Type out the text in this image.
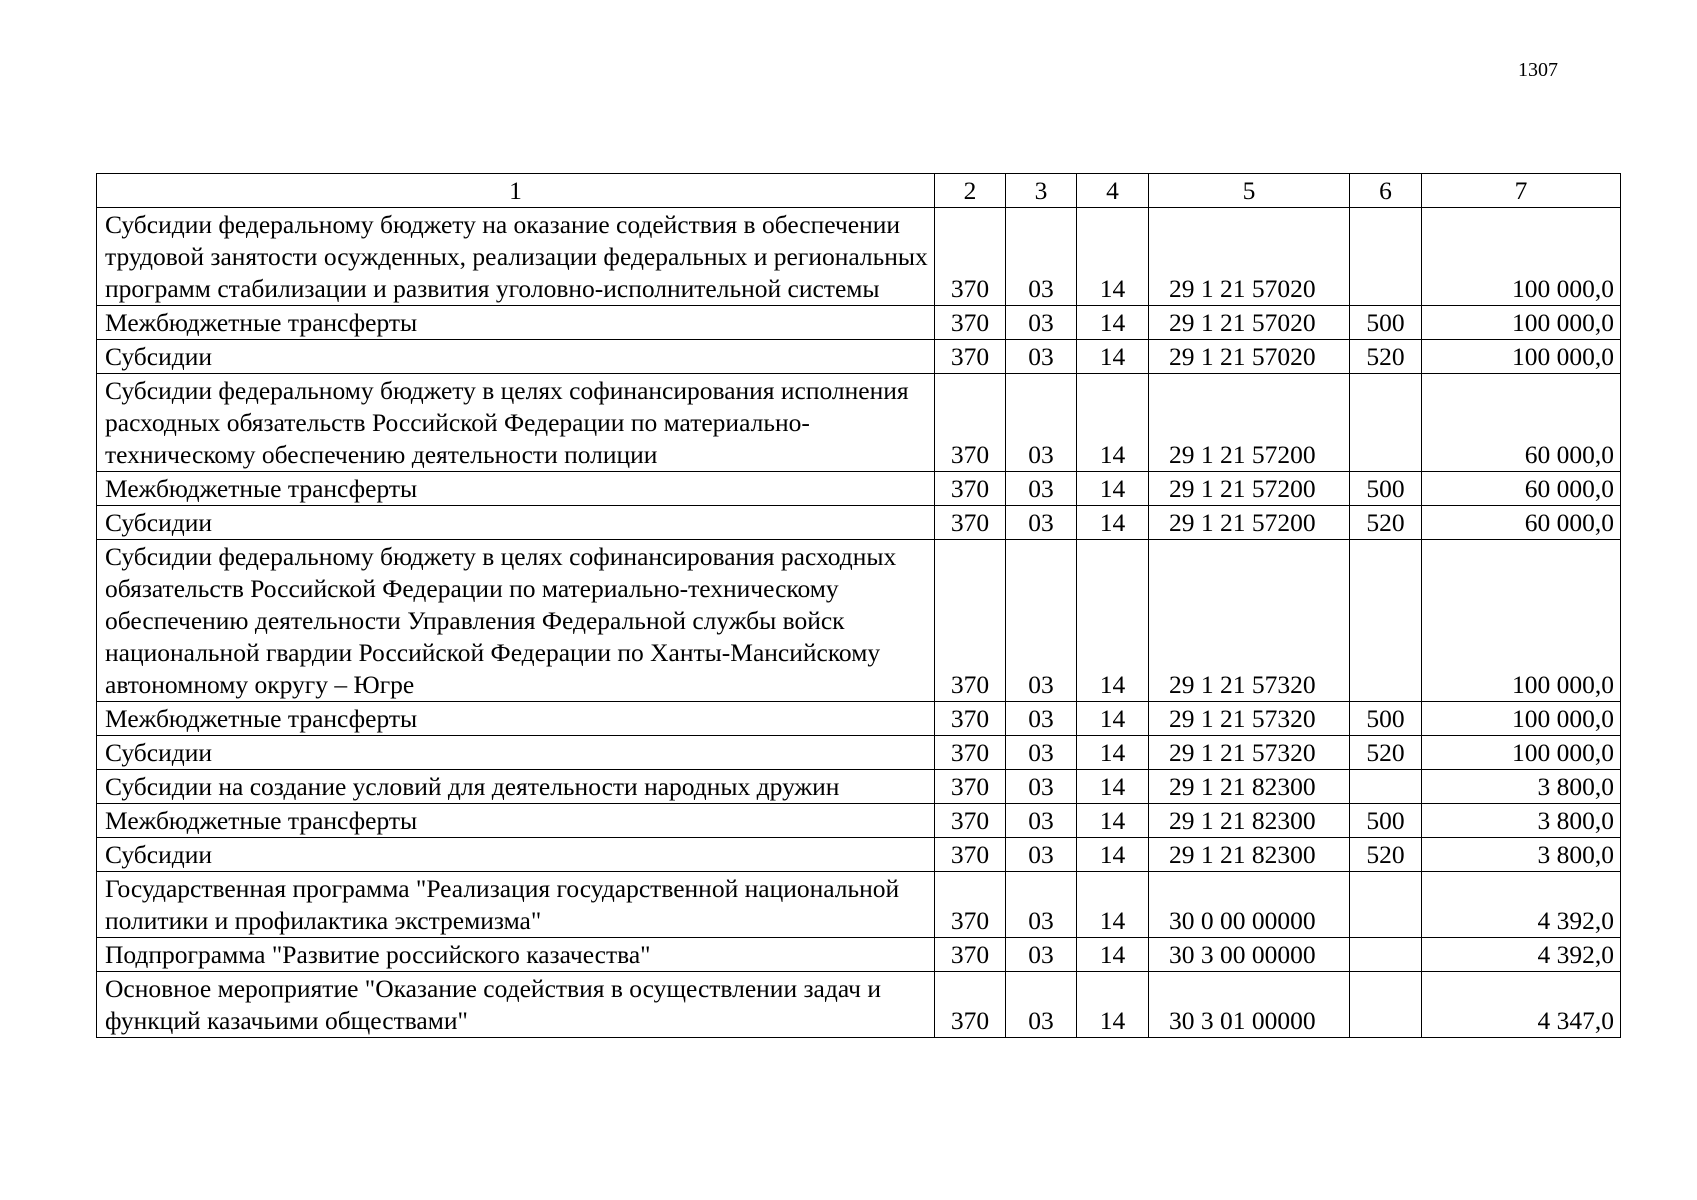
1307
1	2	3	4	5	6	7
Субсидии федеральному бюджету на оказание содействия в обеспечении трудовой занятости осужденных, реализации федеральных и региональных программ стабилизации и развития уголовно-исполнительной системы	370	03	14	29 1 21 57020		100 000,0
Межбюджетные трансферты	370	03	14	29 1 21 57020	500	100 000,0
Субсидии	370	03	14	29 1 21 57020	520	100 000,0
Субсидии федеральному бюджету в целях софинансирования исполнения расходных обязательств Российской Федерации по материально-техническому обеспечению деятельности полиции	370	03	14	29 1 21 57200		60 000,0
Межбюджетные трансферты	370	03	14	29 1 21 57200	500	60 000,0
Субсидии	370	03	14	29 1 21 57200	520	60 000,0
Субсидии федеральному бюджету в целях софинансирования расходных обязательств Российской Федерации по материально-техническому обеспечению деятельности Управления Федеральной службы войск национальной гвардии Российской Федерации по Ханты-Мансийскому автономному округу – Югре	370	03	14	29 1 21 57320		100 000,0
Межбюджетные трансферты	370	03	14	29 1 21 57320	500	100 000,0
Субсидии	370	03	14	29 1 21 57320	520	100 000,0
Субсидии на создание условий для деятельности народных дружин	370	03	14	29 1 21 82300		3 800,0
Межбюджетные трансферты	370	03	14	29 1 21 82300	500	3 800,0
Субсидии	370	03	14	29 1 21 82300	520	3 800,0
Государственная программа "Реализация государственной национальной политики и профилактика экстремизма"	370	03	14	30 0 00 00000		4 392,0
Подпрограмма "Развитие российского казачества"	370	03	14	30 3 00 00000		4 392,0
Основное мероприятие "Оказание содействия в осуществлении задач и функций казачьими обществами"	370	03	14	30 3 01 00000		4 347,0
